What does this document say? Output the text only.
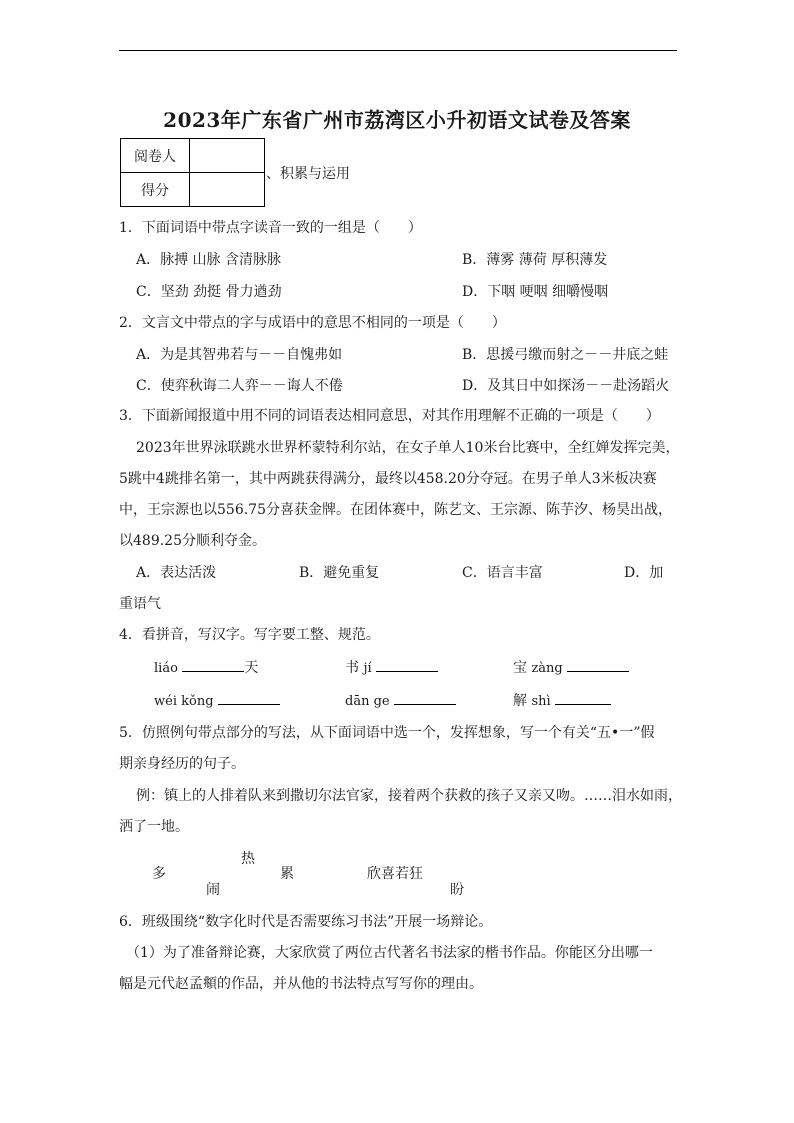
2023年广东省广州市荔湾区小升初语文试卷及答案
阅卷人	
得分	
、积累与运用
1．下面词语中带点字读音一致的一组是（　　）
A．脉搏 山脉 含清脉脉	B．薄雾 薄荷 厚积薄发
C．坚劲 劲挺 骨力遒劲	D．下咽 哽咽 细嚼慢咽
2．文言文中带点的字与成语中的意思不相同的一项是（　　）
A．为是其智弗若与－－自愧弗如	B．思援弓缴而射之－－井底之蛙
C．使弈秋诲二人弈－－诲人不倦	D．及其日中如探汤－－赴汤蹈火
3．下面新闻报道中用不同的词语表达相同意思，对其作用理解不正确的一项是（　　）
2023年世界泳联跳水世界杯蒙特利尔站，在女子单人10米台比赛中，全红婵发挥完美，
5跳中4跳排名第一，其中两跳获得满分，最终以458.20分夺冠。在男子单人3米板决赛
中，王宗源也以556.75分喜获金牌。在团体赛中，陈艺文、王宗源、陈芋汐、杨昊出战，
以489.25分顺利夺金。
A．表达活泼	B．避免重复	C．语言丰富	D．加
重语气
4．看拼音，写汉字。写字要工整、规范。
liáo	天	书 jí	宝 zàng
wéi kǒng	dān ge	解 shì
5．仿照例句带点部分的写法，从下面词语中选一个，发挥想象，写一个有关“五•一”假
期亲身经历的句子。
例：镇上的人排着队来到撒切尔法官家，接着两个获救的孩子又亲又吻。……泪水如雨，
洒了一地。
多
热
闹
累	欣喜若狂
盼
6．班级围绕“数字化时代是否需要练习书法”开展一场辩论。
（1）为了准备辩论赛，大家欣赏了两位古代著名书法家的楷书作品。你能区分出哪一
幅是元代赵孟頫的作品，并从他的书法特点写写你的理由。
